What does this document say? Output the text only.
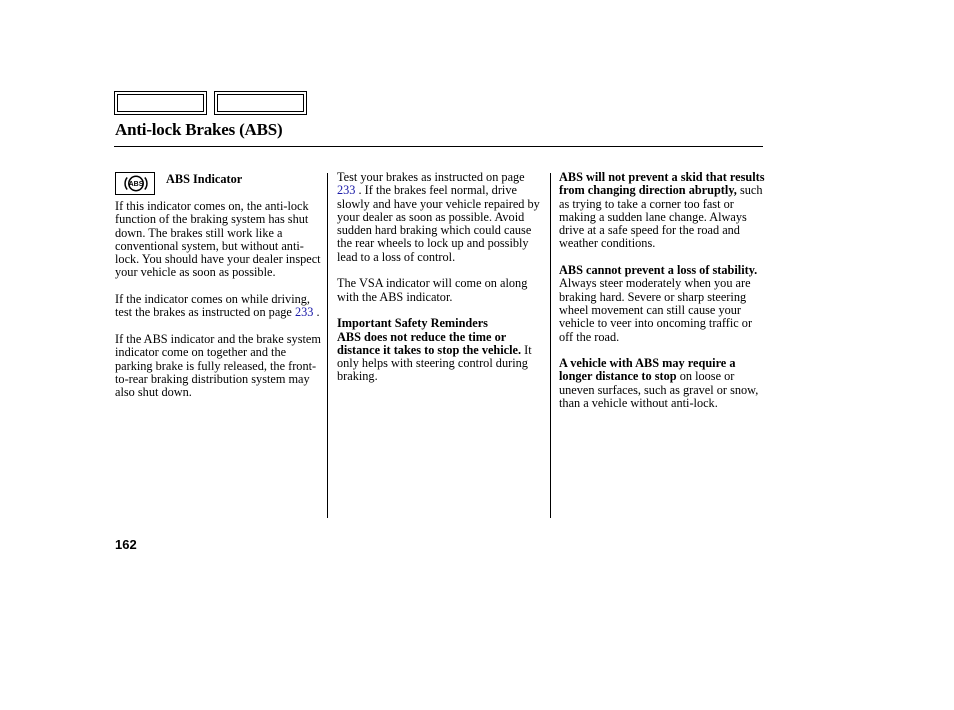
Anti-lock Brakes (ABS)
ABS ABS Indicator

If this indicator comes on, the anti-lock function of the braking system has shut down. The brakes still work like a conventional system, but without anti-lock. You should have your dealer inspect your vehicle as soon as possible.

If the indicator comes on while driving, test the brakes as instructed on page 233 .

If the ABS indicator and the brake system indicator come on together and the parking brake is fully released, the front-to-rear braking distribution system may also shut down.

Test your brakes as instructed on page 233 . If the brakes feel normal, drive slowly and have your vehicle repaired by your dealer as soon as possible. Avoid sudden hard braking which could cause the rear wheels to lock up and possibly lead to a loss of control.

The VSA indicator will come on along with the ABS indicator.

Important Safety Reminders
ABS does not reduce the time or distance it takes to stop the vehicle. It only helps with steering control during braking.

ABS will not prevent a skid that results from changing direction abruptly, such as trying to take a corner too fast or making a sudden lane change. Always drive at a safe speed for the road and weather conditions.

ABS cannot prevent a loss of stability. Always steer moderately when you are braking hard. Severe or sharp steering wheel movement can still cause your vehicle to veer into oncoming traffic or off the road.

A vehicle with ABS may require a longer distance to stop on loose or uneven surfaces, such as gravel or snow, than a vehicle without anti-lock.

162
